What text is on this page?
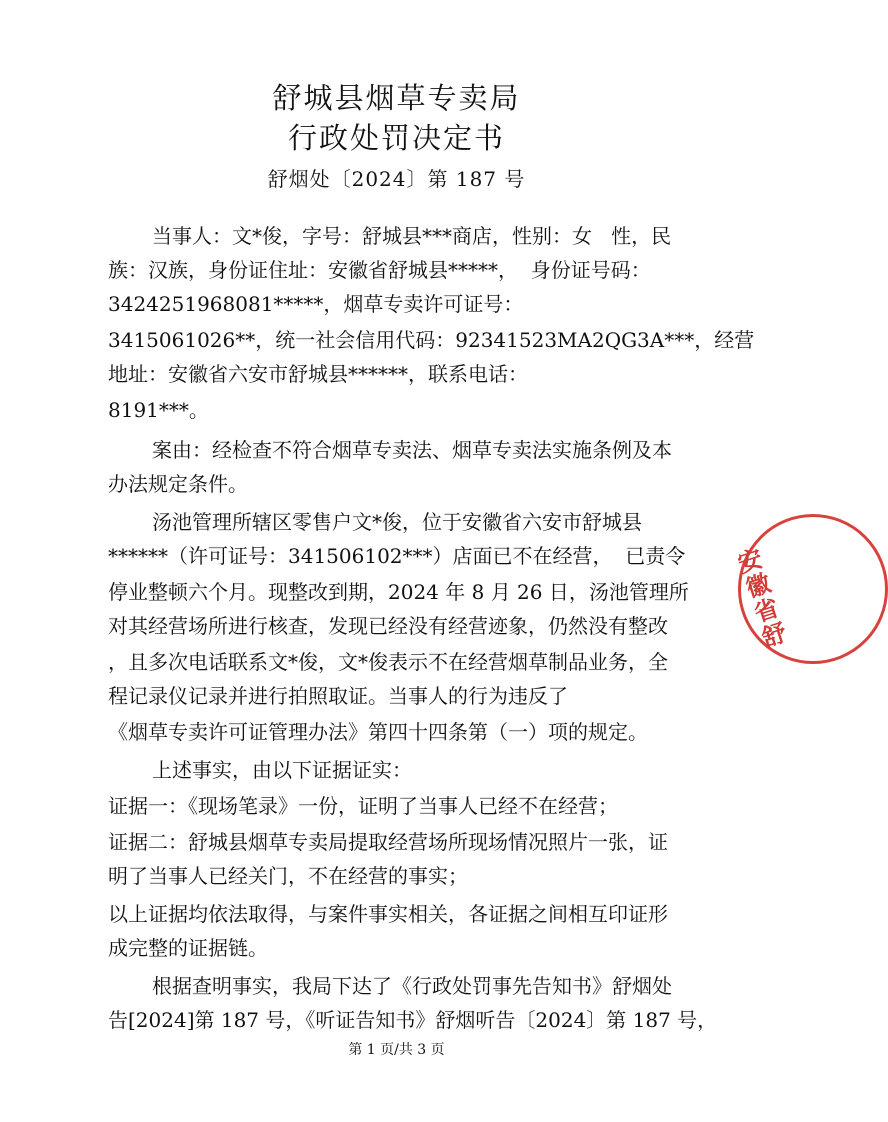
舒城县烟草专卖局
行政处罚决定书
舒烟处〔2024〕第 187 号
当事人：文*俊，字号：舒城县***商店，性别：女   性，民
族：汉族，身份证住址：安徽省舒城县*****，  身份证号码：
3424251968081*****，烟草专卖许可证号：
3415061026**，统一社会信用代码：92341523MA2QG3A***，经营
地址：安徽省六安市舒城县******，联系电话：
8191***。
案由：经检查不符合烟草专卖法、烟草专卖法实施条例及本
办法规定条件。
汤池管理所辖区零售户文*俊，位于安徽省六安市舒城县
******（许可证号：341506102***）店面已不在经营，  已责令
停业整顿六个月。现整改到期，2024 年 8 月 26 日，汤池管理所
对其经营场所进行核查，发现已经没有经营迹象，仍然没有整改
，且多次电话联系文*俊，文*俊表示不在经营烟草制品业务，全
程记录仪记录并进行拍照取证。当事人的行为违反了
《烟草专卖许可证管理办法》第四十四条第（一）项的规定。
上述事实，由以下证据证实：
证据一：《现场笔录》一份，证明了当事人已经不在经营；
证据二：舒城县烟草专卖局提取经营场所现场情况照片一张，证
明了当事人已经关门，不在经营的事实；
以上证据均依法取得，与案件事实相关，各证据之间相互印证形
成完整的证据链。
根据查明事实，我局下达了《行政处罚事先告知书》舒烟处
告[2024]第 187 号，《听证告知书》舒烟听告〔2024〕第 187 号，
安徽省舒
第 1 页/共 3 页
